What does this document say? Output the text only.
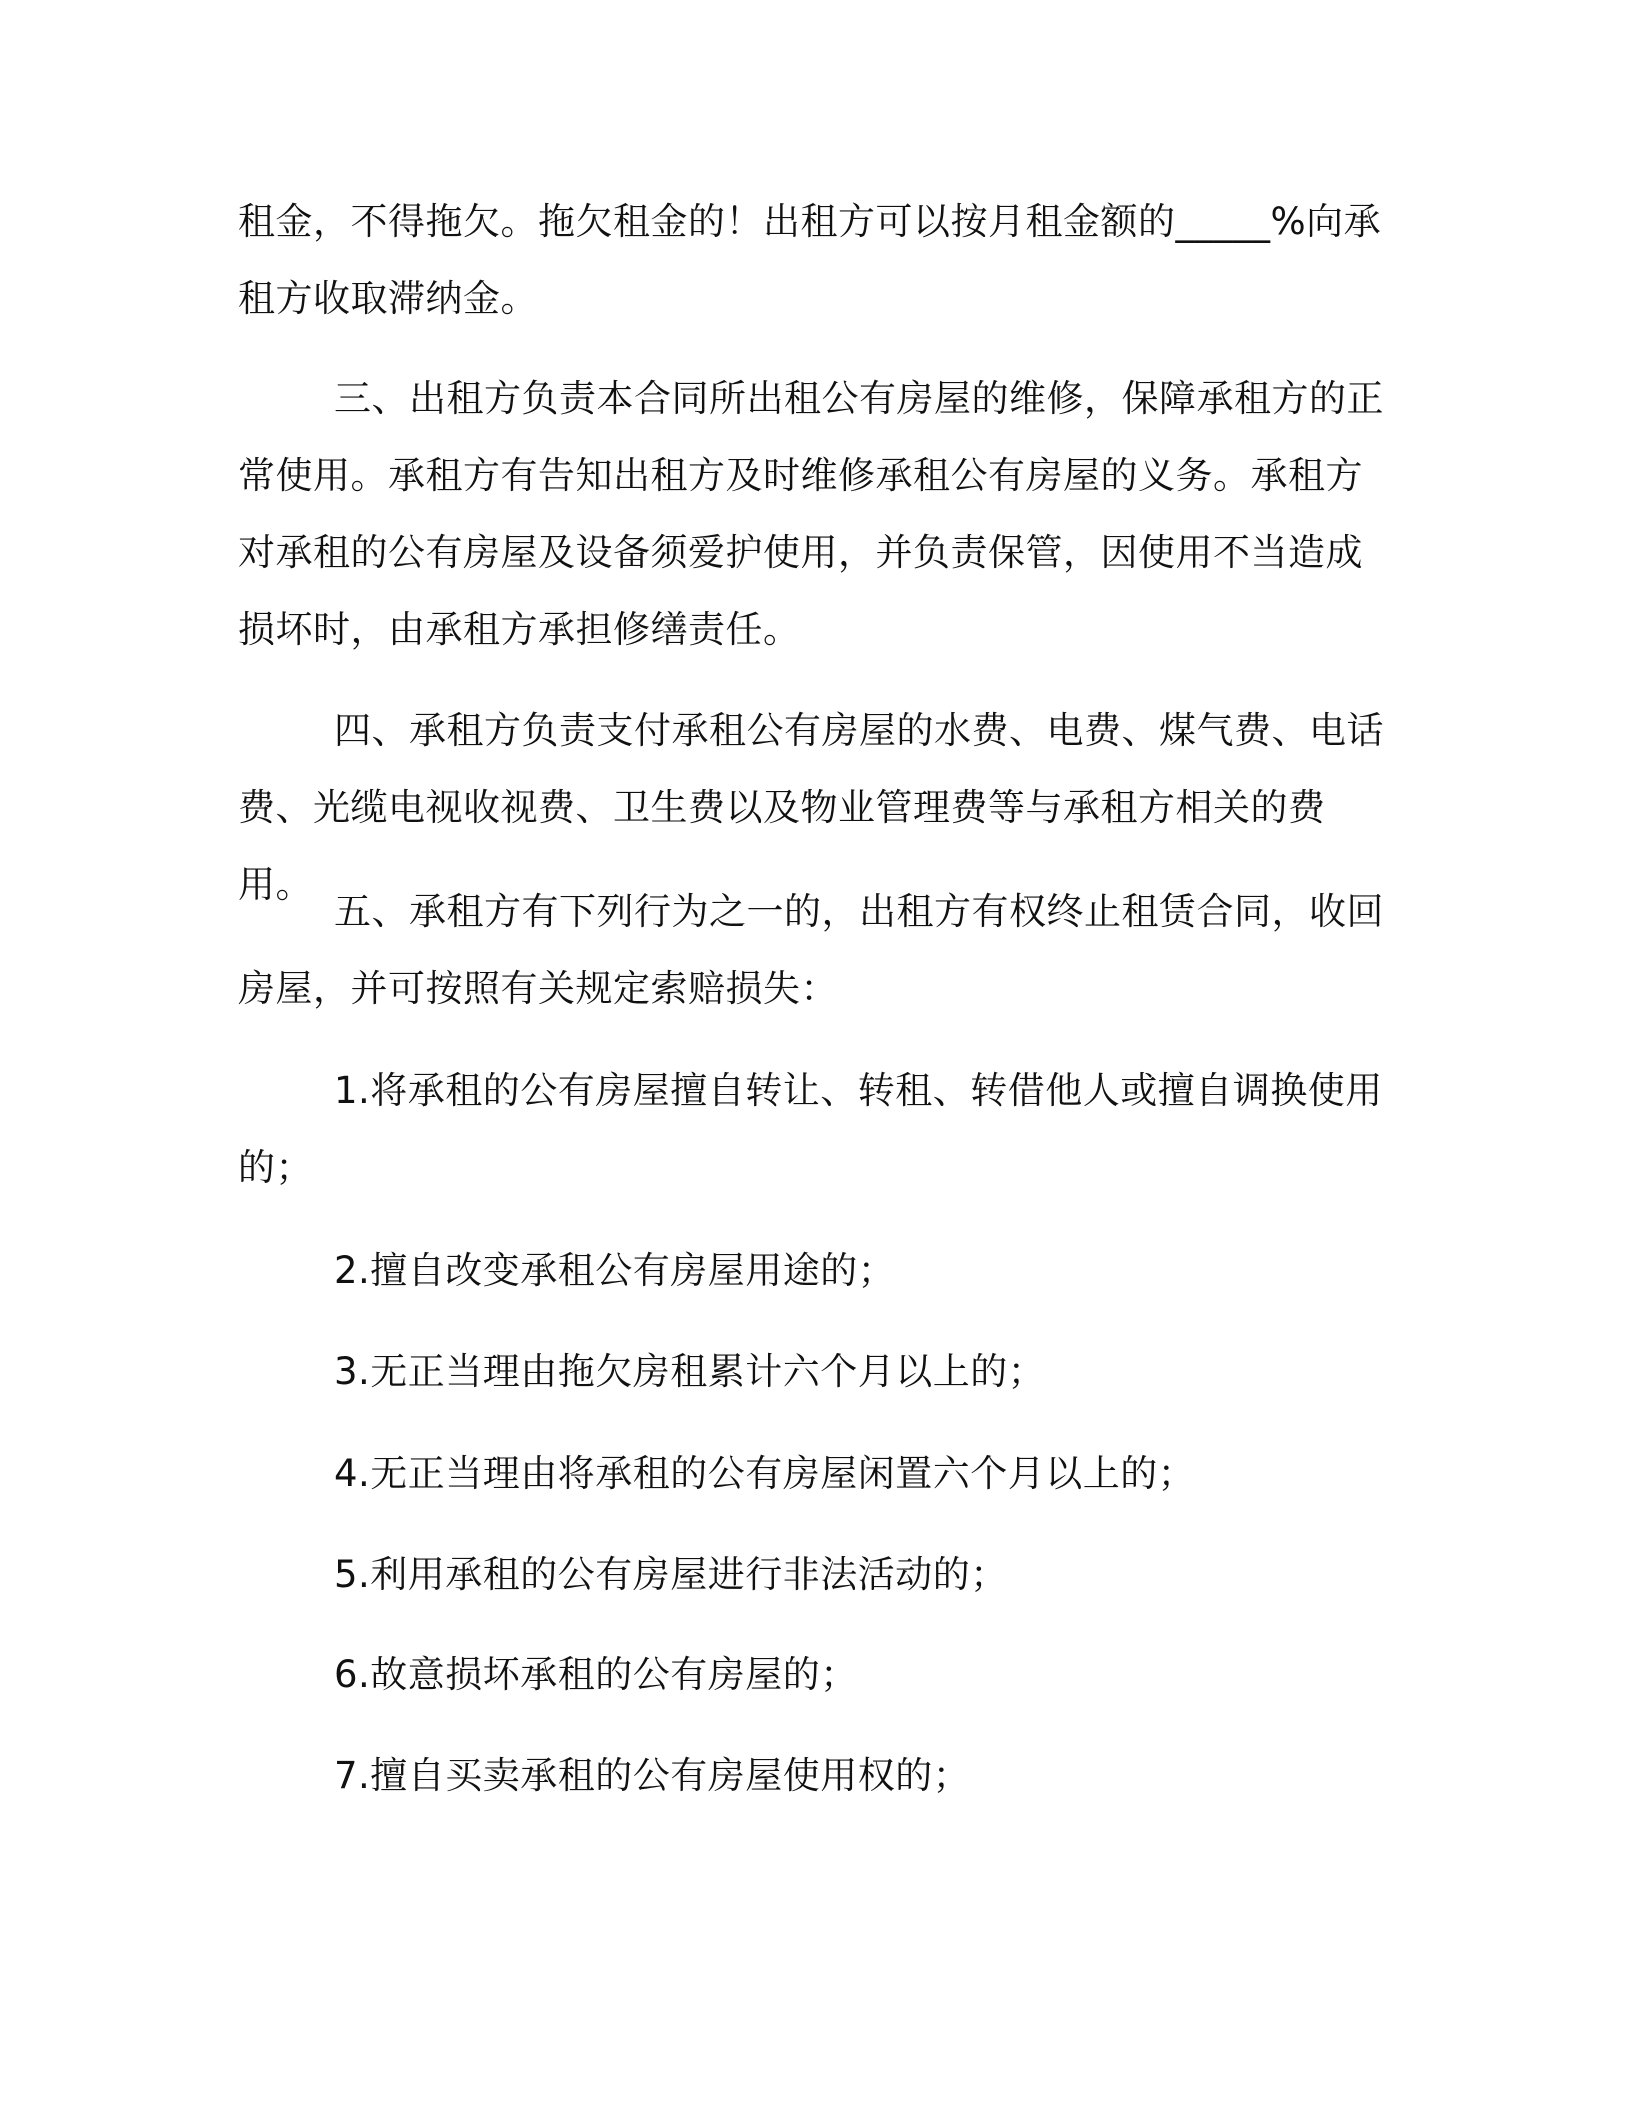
租金，不得拖欠。拖欠租金的！出租方可以按月租金额的_____%向承租方收取滞纳金。

三、出租方负责本合同所出租公有房屋的维修，保障承租方的正常使用。承租方有告知出租方及时维修承租公有房屋的义务。承租方对承租的公有房屋及设备须爱护使用，并负责保管，因使用不当造成损坏时，由承租方承担修缮责任。

四、承租方负责支付承租公有房屋的水费、电费、煤气费、电话费、光缆电视收视费、卫生费以及物业管理费等与承租方相关的费用。

五、承租方有下列行为之一的，出租方有权终止租赁合同，收回房屋，并可按照有关规定索赔损失：

1.将承租的公有房屋擅自转让、转租、转借他人或擅自调换使用的；

2.擅自改变承租公有房屋用途的；

3.无正当理由拖欠房租累计六个月以上的；

4.无正当理由将承租的公有房屋闲置六个月以上的；

5.利用承租的公有房屋进行非法活动的；

6.故意损坏承租的公有房屋的；

7.擅自买卖承租的公有房屋使用权的；
